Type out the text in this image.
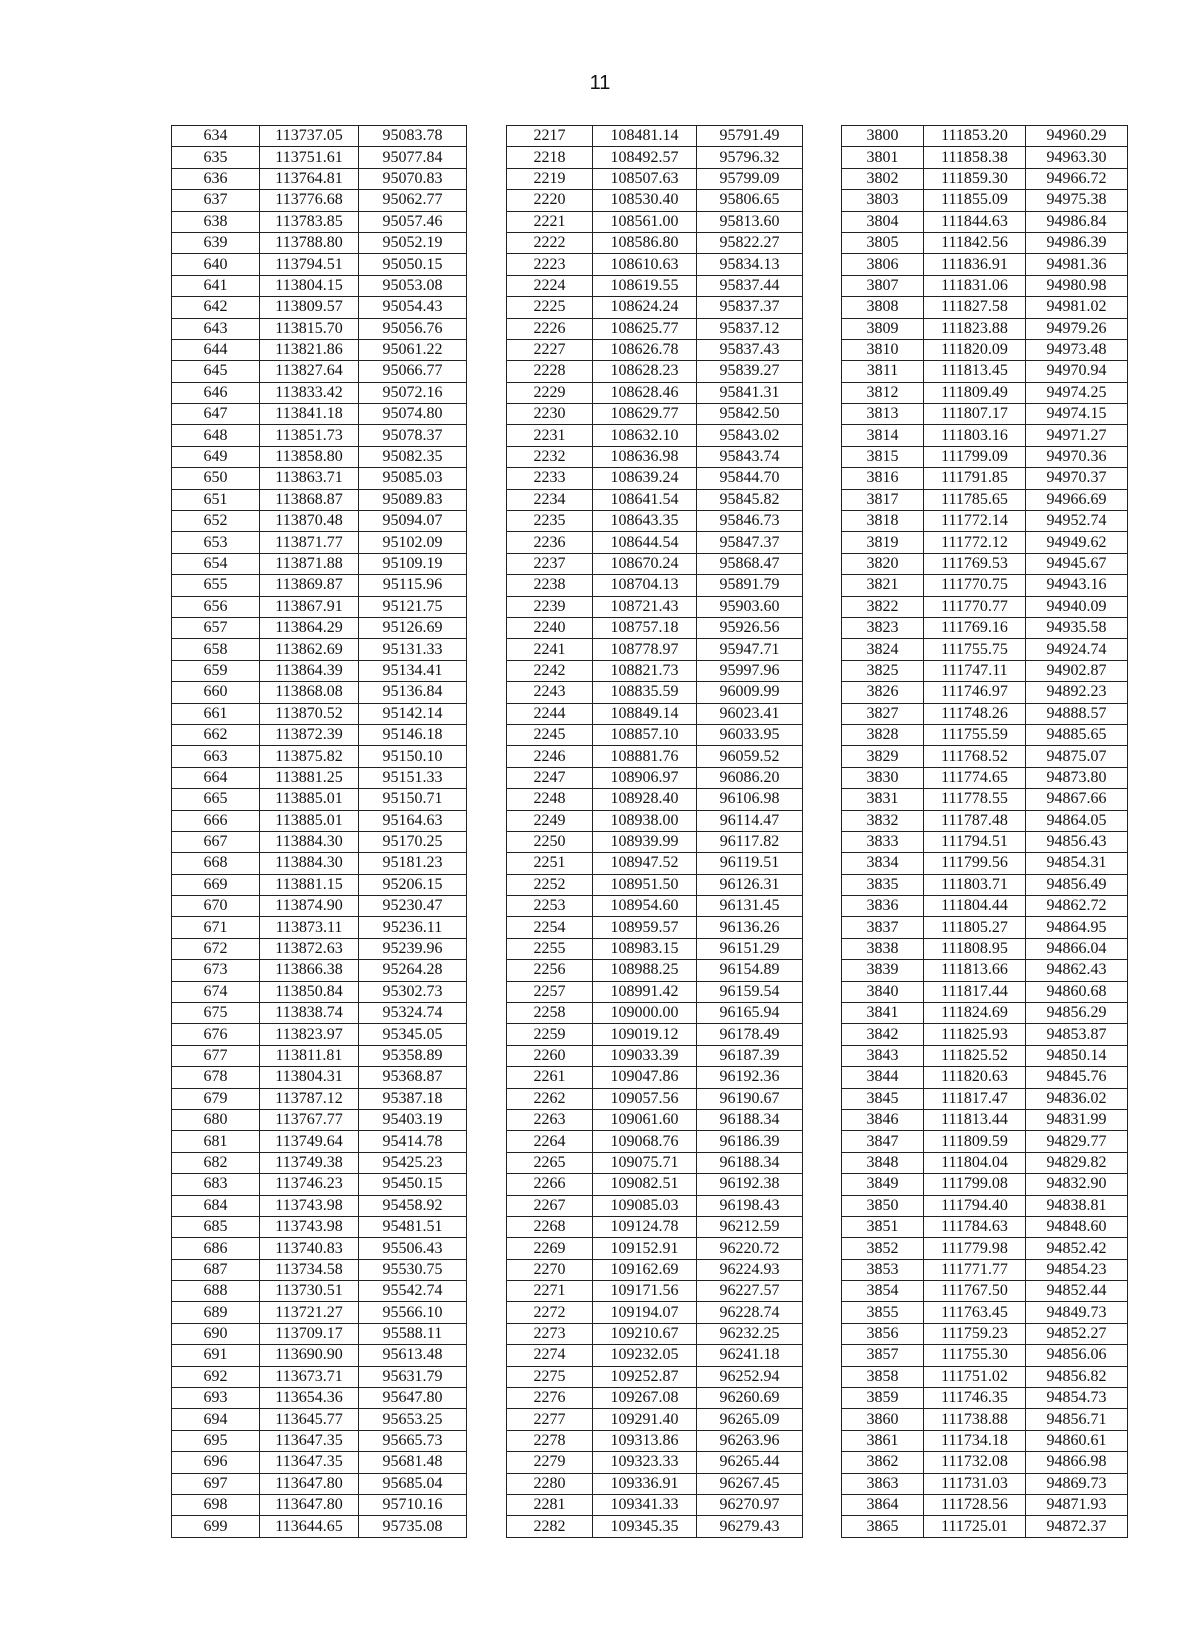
11
634	113737.05	95083.78
635	113751.61	95077.84
636	113764.81	95070.83
637	113776.68	95062.77
638	113783.85	95057.46
639	113788.80	95052.19
640	113794.51	95050.15
641	113804.15	95053.08
642	113809.57	95054.43
643	113815.70	95056.76
644	113821.86	95061.22
645	113827.64	95066.77
646	113833.42	95072.16
647	113841.18	95074.80
648	113851.73	95078.37
649	113858.80	95082.35
650	113863.71	95085.03
651	113868.87	95089.83
652	113870.48	95094.07
653	113871.77	95102.09
654	113871.88	95109.19
655	113869.87	95115.96
656	113867.91	95121.75
657	113864.29	95126.69
658	113862.69	95131.33
659	113864.39	95134.41
660	113868.08	95136.84
661	113870.52	95142.14
662	113872.39	95146.18
663	113875.82	95150.10
664	113881.25	95151.33
665	113885.01	95150.71
666	113885.01	95164.63
667	113884.30	95170.25
668	113884.30	95181.23
669	113881.15	95206.15
670	113874.90	95230.47
671	113873.11	95236.11
672	113872.63	95239.96
673	113866.38	95264.28
674	113850.84	95302.73
675	113838.74	95324.74
676	113823.97	95345.05
677	113811.81	95358.89
678	113804.31	95368.87
679	113787.12	95387.18
680	113767.77	95403.19
681	113749.64	95414.78
682	113749.38	95425.23
683	113746.23	95450.15
684	113743.98	95458.92
685	113743.98	95481.51
686	113740.83	95506.43
687	113734.58	95530.75
688	113730.51	95542.74
689	113721.27	95566.10
690	113709.17	95588.11
691	113690.90	95613.48
692	113673.71	95631.79
693	113654.36	95647.80
694	113645.77	95653.25
695	113647.35	95665.73
696	113647.35	95681.48
697	113647.80	95685.04
698	113647.80	95710.16
699	113644.65	95735.08
2217	108481.14	95791.49
2218	108492.57	95796.32
2219	108507.63	95799.09
2220	108530.40	95806.65
2221	108561.00	95813.60
2222	108586.80	95822.27
2223	108610.63	95834.13
2224	108619.55	95837.44
2225	108624.24	95837.37
2226	108625.77	95837.12
2227	108626.78	95837.43
2228	108628.23	95839.27
2229	108628.46	95841.31
2230	108629.77	95842.50
2231	108632.10	95843.02
2232	108636.98	95843.74
2233	108639.24	95844.70
2234	108641.54	95845.82
2235	108643.35	95846.73
2236	108644.54	95847.37
2237	108670.24	95868.47
2238	108704.13	95891.79
2239	108721.43	95903.60
2240	108757.18	95926.56
2241	108778.97	95947.71
2242	108821.73	95997.96
2243	108835.59	96009.99
2244	108849.14	96023.41
2245	108857.10	96033.95
2246	108881.76	96059.52
2247	108906.97	96086.20
2248	108928.40	96106.98
2249	108938.00	96114.47
2250	108939.99	96117.82
2251	108947.52	96119.51
2252	108951.50	96126.31
2253	108954.60	96131.45
2254	108959.57	96136.26
2255	108983.15	96151.29
2256	108988.25	96154.89
2257	108991.42	96159.54
2258	109000.00	96165.94
2259	109019.12	96178.49
2260	109033.39	96187.39
2261	109047.86	96192.36
2262	109057.56	96190.67
2263	109061.60	96188.34
2264	109068.76	96186.39
2265	109075.71	96188.34
2266	109082.51	96192.38
2267	109085.03	96198.43
2268	109124.78	96212.59
2269	109152.91	96220.72
2270	109162.69	96224.93
2271	109171.56	96227.57
2272	109194.07	96228.74
2273	109210.67	96232.25
2274	109232.05	96241.18
2275	109252.87	96252.94
2276	109267.08	96260.69
2277	109291.40	96265.09
2278	109313.86	96263.96
2279	109323.33	96265.44
2280	109336.91	96267.45
2281	109341.33	96270.97
2282	109345.35	96279.43
3800	111853.20	94960.29
3801	111858.38	94963.30
3802	111859.30	94966.72
3803	111855.09	94975.38
3804	111844.63	94986.84
3805	111842.56	94986.39
3806	111836.91	94981.36
3807	111831.06	94980.98
3808	111827.58	94981.02
3809	111823.88	94979.26
3810	111820.09	94973.48
3811	111813.45	94970.94
3812	111809.49	94974.25
3813	111807.17	94974.15
3814	111803.16	94971.27
3815	111799.09	94970.36
3816	111791.85	94970.37
3817	111785.65	94966.69
3818	111772.14	94952.74
3819	111772.12	94949.62
3820	111769.53	94945.67
3821	111770.75	94943.16
3822	111770.77	94940.09
3823	111769.16	94935.58
3824	111755.75	94924.74
3825	111747.11	94902.87
3826	111746.97	94892.23
3827	111748.26	94888.57
3828	111755.59	94885.65
3829	111768.52	94875.07
3830	111774.65	94873.80
3831	111778.55	94867.66
3832	111787.48	94864.05
3833	111794.51	94856.43
3834	111799.56	94854.31
3835	111803.71	94856.49
3836	111804.44	94862.72
3837	111805.27	94864.95
3838	111808.95	94866.04
3839	111813.66	94862.43
3840	111817.44	94860.68
3841	111824.69	94856.29
3842	111825.93	94853.87
3843	111825.52	94850.14
3844	111820.63	94845.76
3845	111817.47	94836.02
3846	111813.44	94831.99
3847	111809.59	94829.77
3848	111804.04	94829.82
3849	111799.08	94832.90
3850	111794.40	94838.81
3851	111784.63	94848.60
3852	111779.98	94852.42
3853	111771.77	94854.23
3854	111767.50	94852.44
3855	111763.45	94849.73
3856	111759.23	94852.27
3857	111755.30	94856.06
3858	111751.02	94856.82
3859	111746.35	94854.73
3860	111738.88	94856.71
3861	111734.18	94860.61
3862	111732.08	94866.98
3863	111731.03	94869.73
3864	111728.56	94871.93
3865	111725.01	94872.37
